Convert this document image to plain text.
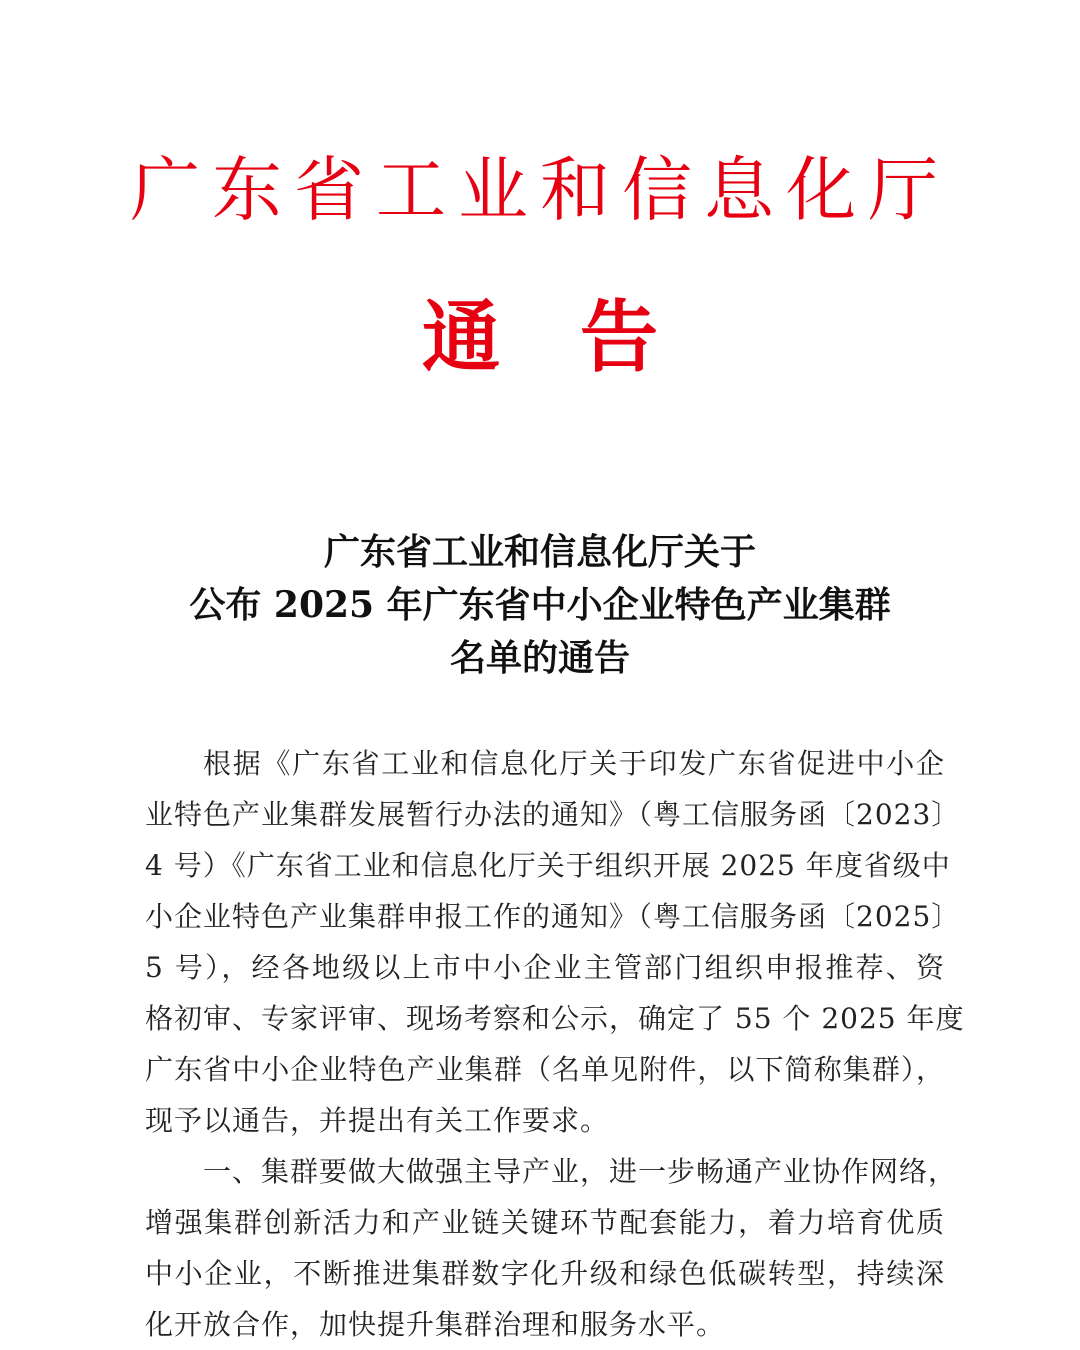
广东省工业和信息化厅
通 告
广东省工业和信息化厅关于
公布 2025 年广东省中小企业特色产业集群
名单的通告
根据《广东省工业和信息化厅关于印发广东省促进中小企
业特色产业集群发展暂行办法的通知》（粤工信服务函〔2023〕
4 号）《广东省工业和信息化厅关于组织开展 2025 年度省级中
小企业特色产业集群申报工作的通知》（粤工信服务函〔2025〕
5 号），经各地级以上市中小企业主管部门组织申报推荐、资
格初审、专家评审、现场考察和公示，确定了 55 个 2025 年度
广东省中小企业特色产业集群（名单见附件，以下简称集群），
现予以通告，并提出有关工作要求。
一、集群要做大做强主导产业，进一步畅通产业协作网络，
增强集群创新活力和产业链关键环节配套能力，着力培育优质
中小企业，不断推进集群数字化升级和绿色低碳转型，持续深
化开放合作，加快提升集群治理和服务水平。
